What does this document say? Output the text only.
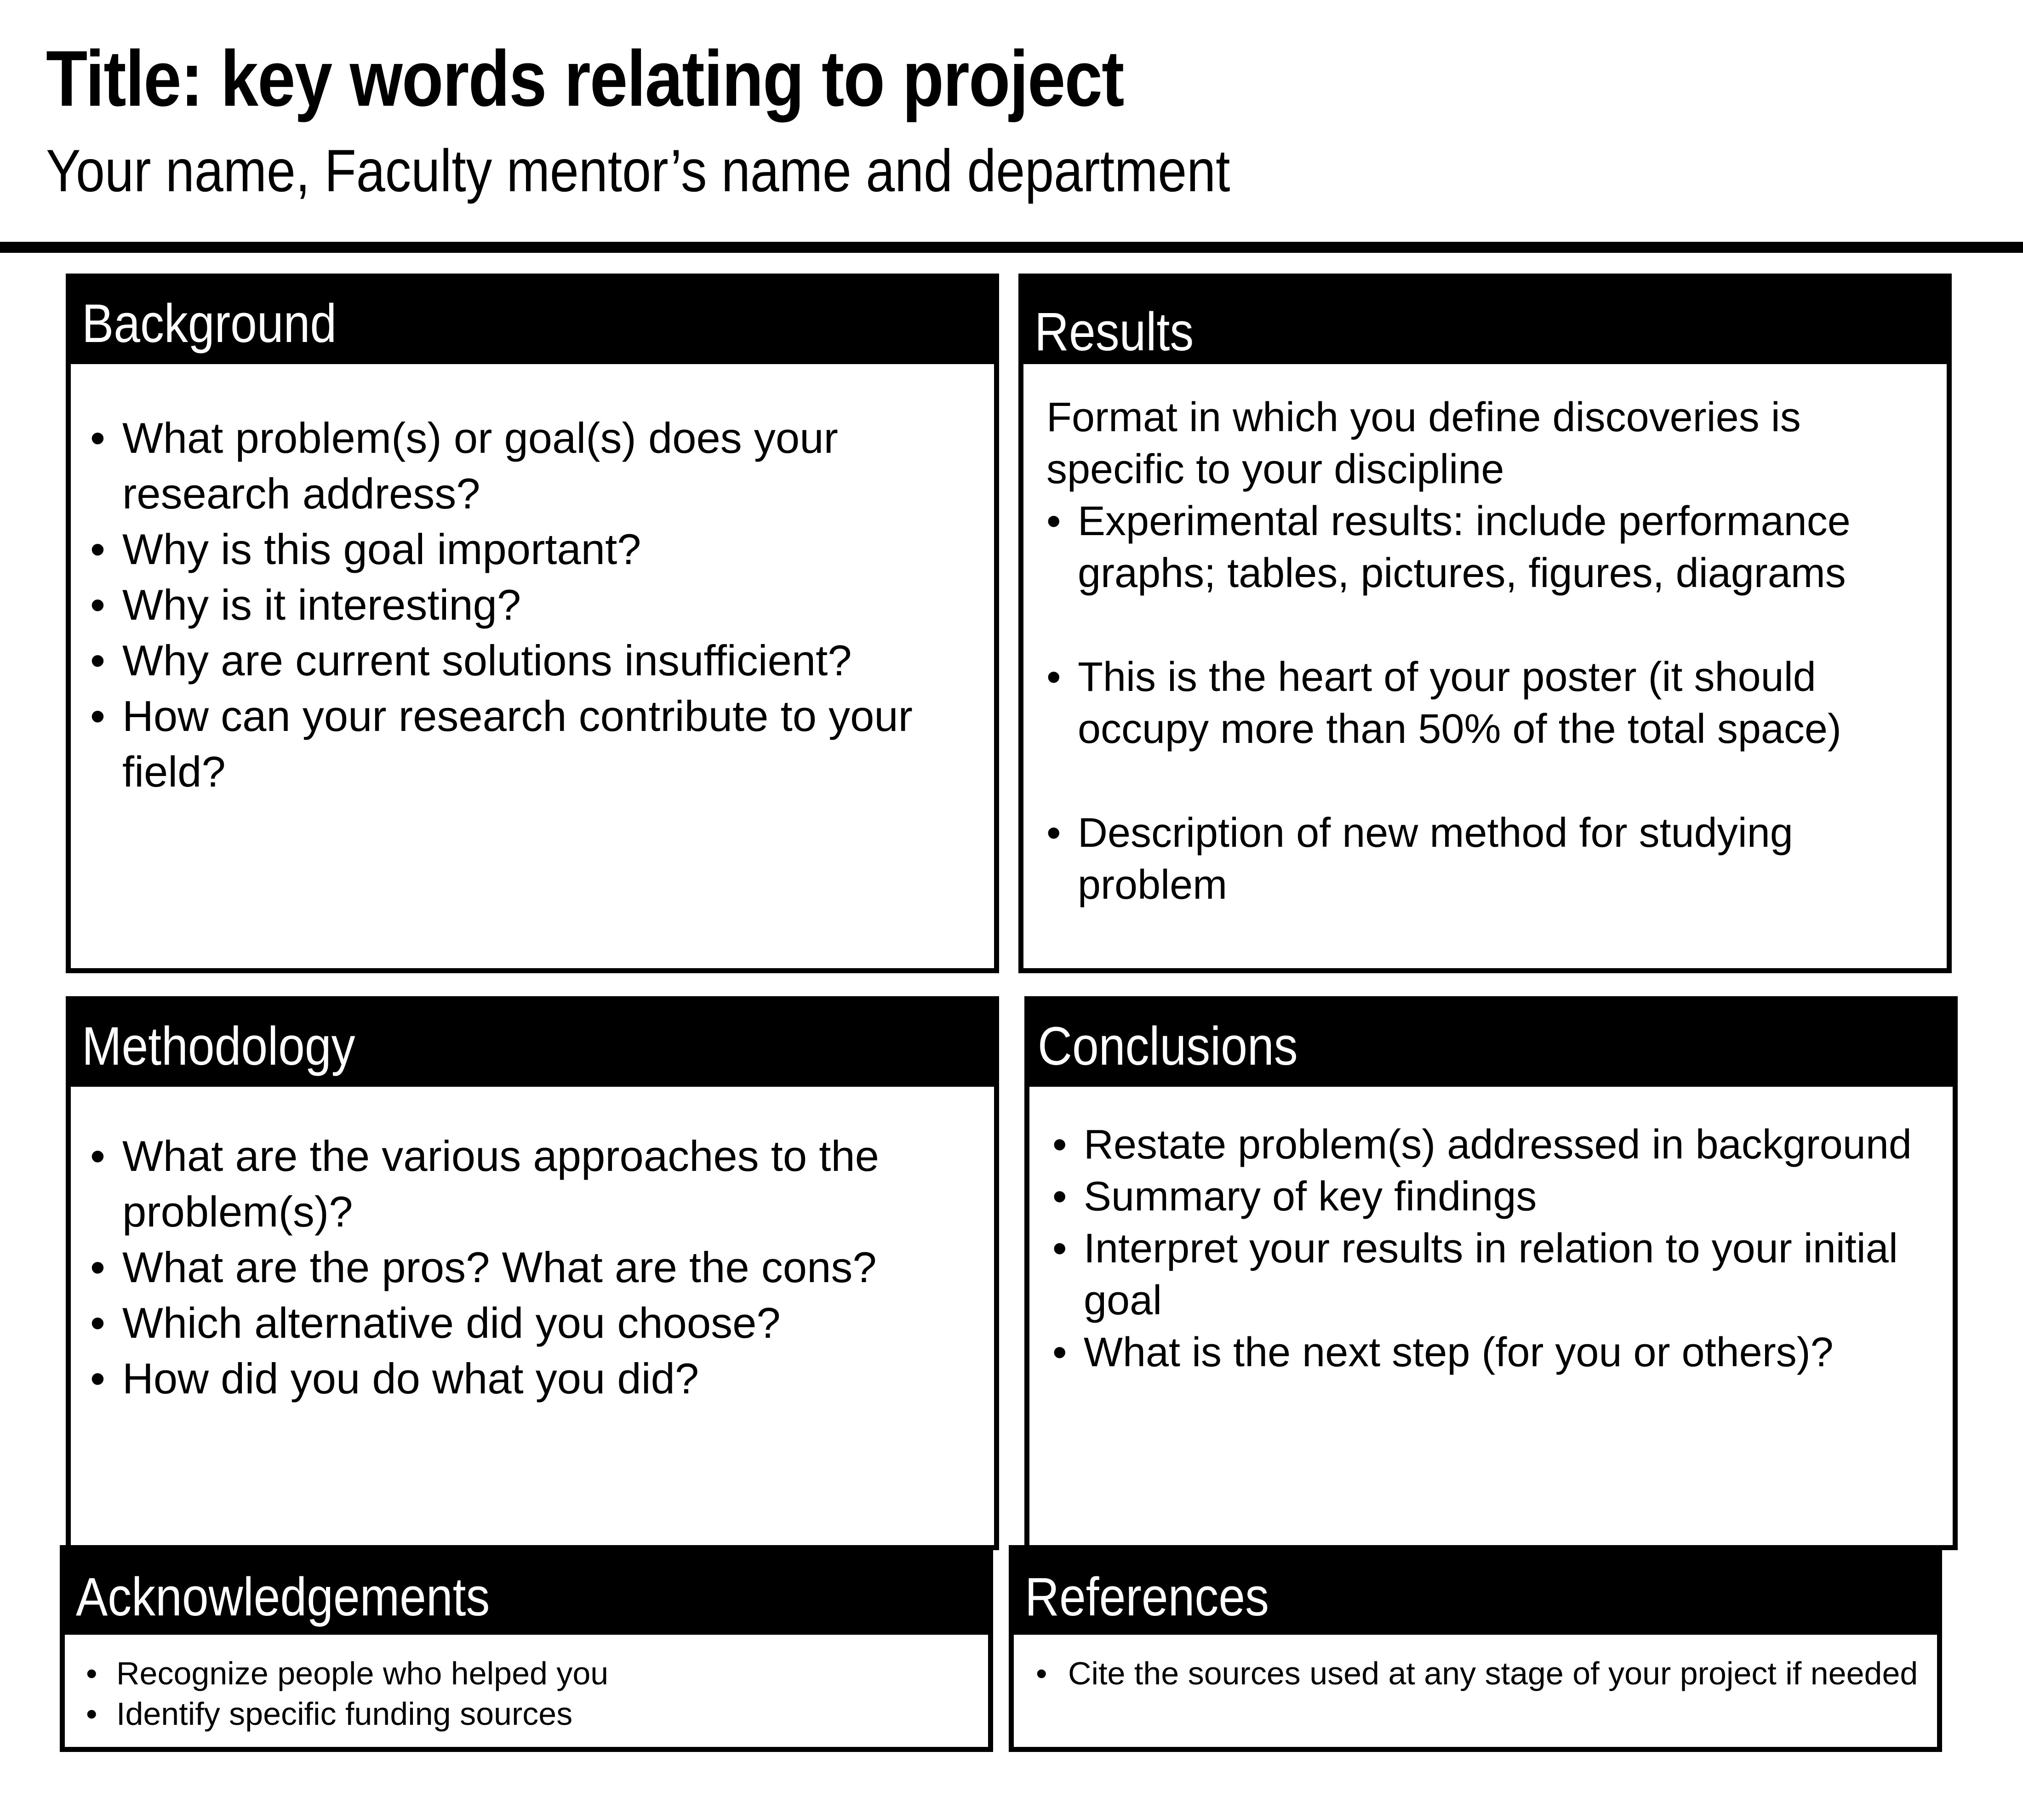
Title: key words relating to project
Your name, Faculty mentor’s name and department
Background
• What problem(s) or goal(s) does your research address?
• Why is this goal important?
• Why is it interesting?
• Why are current solutions insufficient?
• How can your research contribute to your field?
Results
Format in which you define discoveries is specific to your discipline
• Experimental results: include performance graphs; tables, pictures, figures, diagrams
• This is the heart of your poster (it should occupy more than 50% of the total space)
• Description of new method for studying problem
Methodology
• What are the various approaches to the problem(s)?
• What are the pros? What are the cons?
• Which alternative did you choose?
• How did you do what you did?
Conclusions
• Restate problem(s) addressed in background
• Summary of key findings
• Interpret your results in relation to your initial goal
• What is the next step (for you or others)?
Acknowledgements
• Recognize people who helped you
• Identify specific funding sources
References
• Cite the sources used at any stage of your project if needed
